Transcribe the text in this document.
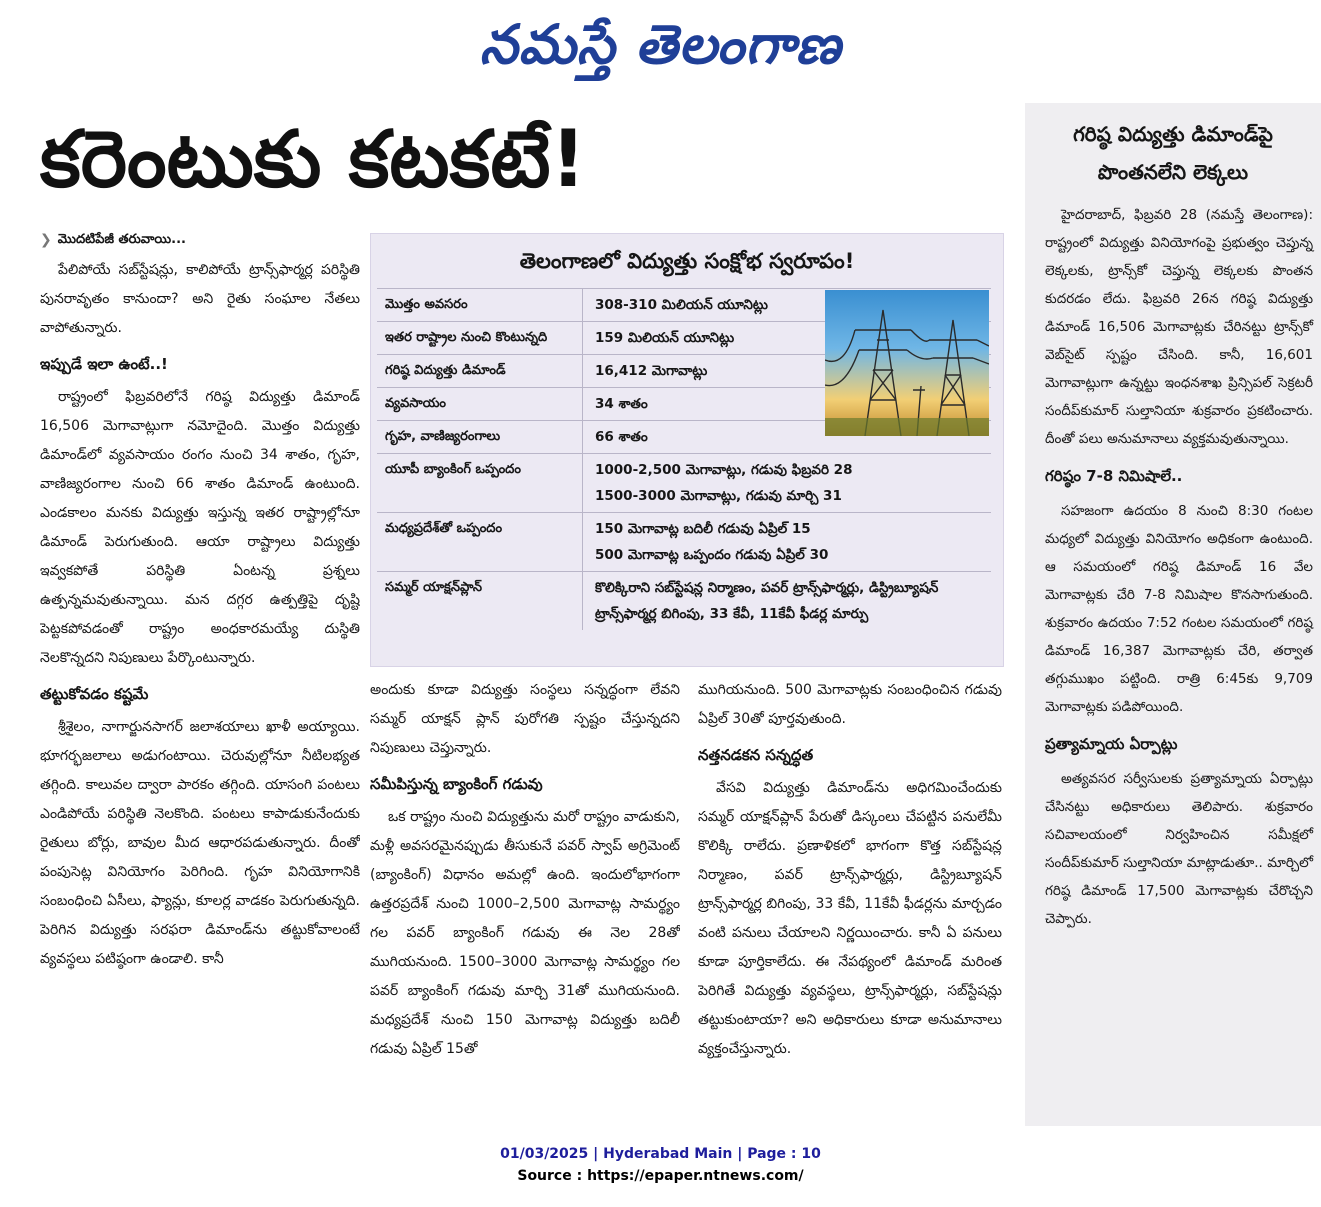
నమస్తే తెలంగాణ
కరెంటుకు కటకటే!
❯ మొదటిపేజీ తరువాయి...

పేలిపోయే సబ్‌స్టేషన్లు, కాలిపోయే ట్రాన్స్‌ఫార్మర్ల పరిస్థితి పునరావృతం కానుందా? అని రైతు సంఘాల నేతలు వాపోతున్నారు.

ఇప్పుడే ఇలా ఉంటే..!

రాష్ట్రంలో ఫిబ్రవరిలోనే గరిష్ఠ విద్యుత్తు డిమాండ్ 16,506 మెగావాట్లుగా నమోదైంది. మొత్తం విద్యుత్తు డిమాండ్‌లో వ్యవసాయం రంగం నుంచి 34 శాతం, గృహ, వాణిజ్యరంగాల నుంచి 66 శాతం డిమాండ్ ఉంటుంది. ఎండకాలం మనకు విద్యుత్తు ఇస్తున్న ఇతర రాష్ట్రాల్లోనూ డిమాండ్ పెరుగుతుంది. ఆయా రాష్ట్రాలు విద్యుత్తు ఇవ్వకపోతే పరిస్థితి ఏంటన్న ప్రశ్నలు ఉత్పన్నమవుతున్నాయి. మన దగ్గర ఉత్పత్తిపై దృష్టి పెట్టకపోవడంతో రాష్ట్రం అంధకారమయ్యే దుస్థితి నెలకొన్నదని నిపుణులు పేర్కొంటున్నారు.

తట్టుకోవడం కష్టమే

శ్రీశైలం, నాగార్జునసాగర్ జలాశయాలు ఖాళీ అయ్యాయి. భూగర్భజలాలు అడుగంటాయి. చెరువుల్లోనూ నీటిలభ్యత తగ్గింది. కాలువల ద్వారా పారకం తగ్గింది. యాసంగి పంటలు ఎండిపోయే పరిస్థితి నెలకొంది. పంటలు కాపాడుకునేందుకు రైతులు బోర్లు, బావుల మీద ఆధారపడుతున్నారు. దీంతో పంపుసెట్ల వినియోగం పెరిగింది. గృహ వినియోగానికి సంబంధించి ఏసీలు, ఫ్యాన్లు, కూలర్ల వాడకం పెరుగుతున్నది. పెరిగిన విద్యుత్తు సరఫరా డిమాండ్‌ను తట్టుకోవాలంటే వ్యవస్థలు పటిష్ఠంగా ఉండాలి. కానీ

తెలంగాణలో విద్యుత్తు సంక్షోభ స్వరూపం!
మొత్తం అవసరం	308-310 మిలియన్ యూనిట్లు
ఇతర రాష్ట్రాల నుంచి కొంటున్నది	159 మిలియన్ యూనిట్లు
గరిష్ఠ విద్యుత్తు డిమాండ్	16,412 మెగావాట్లు
వ్యవసాయం	34 శాతం
గృహ, వాణిజ్యరంగాలు	66 శాతం
యూపీ బ్యాంకింగ్ ఒప్పందం	1000-2,500 మెగావాట్లు, గడువు ఫిబ్రవరి 28
1500-3000 మెగావాట్లు, గడువు మార్చి 31
మధ్యప్రదేశ్‌తో ఒప్పందం	150 మెగావాట్ల బదిలీ గడువు ఏప్రిల్ 15
500 మెగావాట్ల ఒప్పందం గడువు ఏప్రిల్ 30
సమ్మర్ యాక్షన్‌ప్లాన్	కొలిక్కిరాని సబ్‌స్టేషన్ల నిర్మాణం, పవర్ ట్రాన్స్‌ఫార్మర్లు, డిస్ట్రిబ్యూషన్ ట్రాన్స్‌ఫార్మర్ల బిగింపు, 33 కేవీ, 11కేవీ ఫీడర్ల మార్పు

అందుకు కూడా విద్యుత్తు సంస్థలు సన్నద్ధంగా లేవని సమ్మర్ యాక్షన్ ప్లాన్ పురోగతి స్పష్టం చేస్తున్నదని నిపుణులు చెప్తున్నారు.

సమీపిస్తున్న బ్యాంకింగ్ గడువు

ఒక రాష్ట్రం నుంచి విద్యుత్తును మరో రాష్ట్రం వాడుకుని, మళ్లీ అవసరమైనప్పుడు తీసుకునే పవర్ స్వాప్ అగ్రిమెంట్ (బ్యాంకింగ్) విధానం అమల్లో ఉంది. ఇందులోభాగంగా ఉత్తరప్రదేశ్ నుంచి 1000–2,500 మెగావాట్ల సామర్థ్యం గల పవర్ బ్యాంకింగ్ గడువు ఈ నెల 28తో ముగియనుంది. 1500–3000 మెగావాట్ల సామర్థ్యం గల పవర్ బ్యాంకింగ్ గడువు మార్చి 31తో ముగియనుంది. మధ్యప్రదేశ్ నుంచి 150 మెగావాట్ల విద్యుత్తు బదిలీ గడువు ఏప్రిల్ 15తో

ముగియనుంది. 500 మెగావాట్లకు సంబంధించిన గడువు ఏప్రిల్ 30తో పూర్తవుతుంది.

నత్తనడకన సన్నద్ధత

వేసవి విద్యుత్తు డిమాండ్‌ను అధిగమించేందుకు సమ్మర్ యాక్షన్‌ప్లాన్ పేరుతో డిస్కంలు చేపట్టిన పనులేమీ కొలిక్కి రాలేదు. ప్రణాళికలో భాగంగా కొత్త సబ్‌స్టేషన్ల నిర్మాణం, పవర్ ట్రాన్స్‌ఫార్మర్లు, డిస్ట్రిబ్యూషన్ ట్రాన్స్‌ఫార్మర్ల బిగింపు, 33 కేవీ, 11కేవీ ఫీడర్లను మార్చడం వంటి పనులు చేయాలని నిర్ణయించారు. కానీ ఏ పనులు కూడా పూర్తికాలేదు. ఈ నేపథ్యంలో డిమాండ్ మరింత పెరిగితే విద్యుత్తు వ్యవస్థలు, ట్రాన్స్‌ఫార్మర్లు, సబ్‌స్టేషన్లు తట్టుకుంటాయా? అని అధికారులు కూడా అనుమానాలు వ్యక్తంచేస్తున్నారు.

గరిష్ఠ విద్యుత్తు డిమాండ్‌పై
పొంతనలేని లెక్కలు

హైదరాబాద్, ఫిబ్రవరి 28 (నమస్తే తెలంగాణ): రాష్ట్రంలో విద్యుత్తు వినియోగంపై ప్రభుత్వం చెప్తున్న లెక్కలకు, ట్రాన్స్‌కో చెప్తున్న లెక్కలకు పొంతన కుదరడం లేదు. ఫిబ్రవరి 26న గరిష్ఠ విద్యుత్తు డిమాండ్ 16,506 మెగావాట్లకు చేరినట్టు ట్రాన్స్‌కో వెబ్‌సైట్ స్పష్టం చేసింది. కానీ, 16,601 మెగావాట్లుగా ఉన్నట్టు ఇంధనశాఖ ప్రిన్సిపల్ సెక్రటరీ సందీప్‌కుమార్ సుల్తానియా శుక్రవారం ప్రకటించారు. దీంతో పలు అనుమానాలు వ్యక్తమవుతున్నాయి.

గరిష్ఠం 7-8 నిమిషాలే..

సహజంగా ఉదయం 8 నుంచి 8:30 గంటల మధ్యలో విద్యుత్తు వినియోగం అధికంగా ఉంటుంది. ఆ సమయంలో గరిష్ఠ డిమాండ్ 16 వేల మెగావాట్లకు చేరి 7-8 నిమిషాల కొనసాగుతుంది. శుక్రవారం ఉదయం 7:52 గంటల సమయంలో గరిష్ఠ డిమాండ్ 16,387 మెగావాట్లకు చేరి, తర్వాత తగ్గుముఖం పట్టింది. రాత్రి 6:45కు 9,709 మెగావాట్లకు పడిపోయింది.

ప్రత్యామ్నాయ ఏర్పాట్లు

అత్యవసర సర్వీసులకు ప్రత్యామ్నాయ ఏర్పాట్లు చేసినట్టు అధికారులు తెలిపారు. శుక్రవారం సచివాలయంలో నిర్వహించిన సమీక్షలో సందీప్‌కుమార్ సుల్తానియా మాట్లాడుతూ.. మార్చిలో గరిష్ఠ డిమాండ్ 17,500 మెగావాట్లకు చేరొచ్చని చెప్పారు.

01/03/2025 | Hyderabad Main | Page : 10
Source : https://epaper.ntnews.com/
